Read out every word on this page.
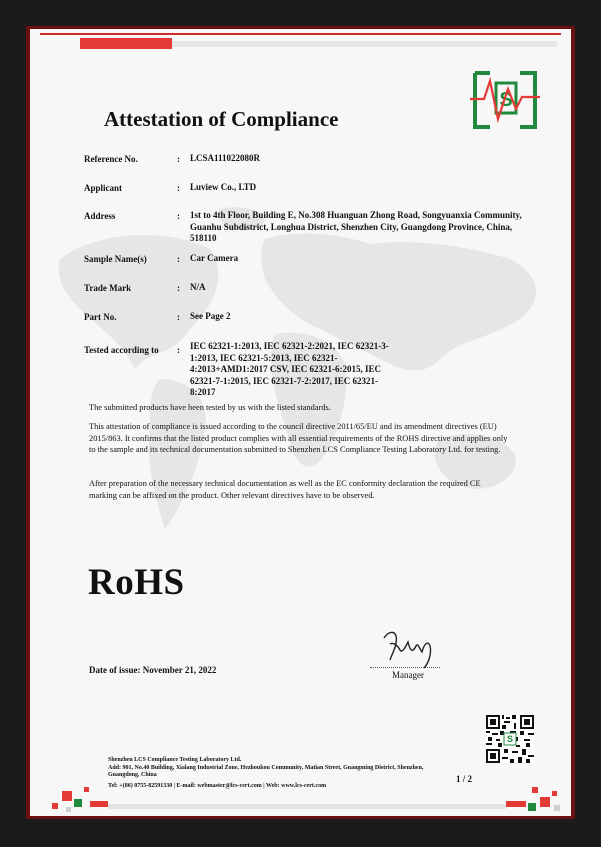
S
Attestation of Compliance
Reference No.	: LCSA111022080R
Applicant	: Luview Co., LTD
Address	: 1st to 4th Floor, Building E, No.308 Huanguan Zhong Road, Songyuanxia Community, Guanhu Subdistrict, Longhua District, Shenzhen City, Guangdong Province, China, 518110
Sample Name(s)	: Car Camera
Trade Mark	: N/A
Part No.	: See Page 2
Tested according to	: IEC 62321-1:2013, IEC 62321-2:2021, IEC 62321-3-1:2013, IEC 62321-5:2013, IEC 62321-4:2013+AMD1:2017 CSV, IEC 62321-6:2015, IEC 62321-7-1:2015, IEC 62321-7-2:2017, IEC 62321-8:2017
The submitted products have been tested by us with the listed standards.
This attestation of compliance is issued according to the council directive 2011/65/EU and its amendment directives (EU) 2015/863. It confirms that the listed product complies with all essential requirements of the ROHS directive and applies only to the sample and its technical documentation submitted to Shenzhen LCS Compliance Testing Laboratory Ltd. for testing.
After preparation of the necessary technical documentation as well as the EC conformity declaration the required CE marking can be affixed on the product. Other relevant directives have to be observed.
RoHS
Date of issue: November 21, 2022	Young
Manager
S
Shenzhen LCS Compliance Testing Laboratory Ltd.
Add: 901, No.40 Building, Xialang Industrial Zone, Hezhoukou Community, Matian Street, Guangming District, Shenzhen, Guangdong, China
Tel: +(86) 0755-82591330 | E-mail: webmaster@lcs-cert.com | Web: www.lcs-cert.com
1 / 2
